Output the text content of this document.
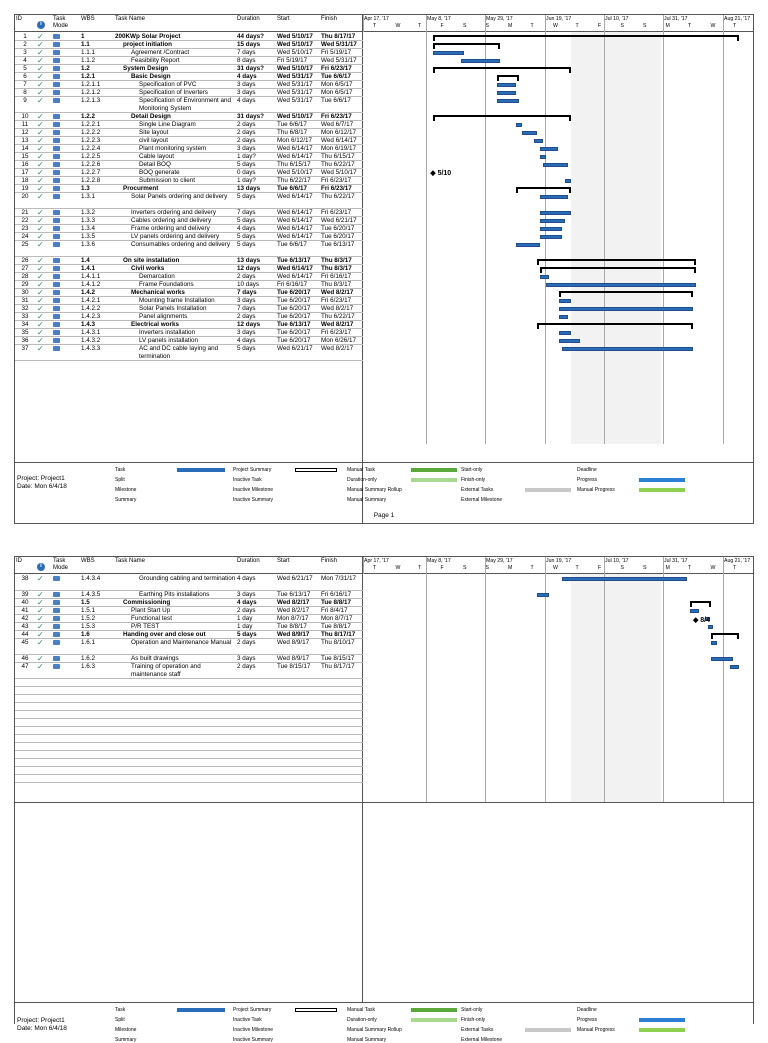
ID
i
Task Mode
WBS	Task Name	Duration	Start	Finish
1	✓	1	200KWp Solar Project	44 days?	Wed 5/10/17	Thu 8/17/17
2	✓	1.1	project initiation	15 days	Wed 5/10/17	Wed 5/31/17
3	✓	1.1.1	Agreement /Contract	7 days	Wed 5/10/17	Fri 5/19/17
4	✓	1.1.2	Feasibility Report	8 days	Fri 5/19/17	Wed 5/31/17
5	✓	1.2	System Design	31 days?	Wed 5/10/17	Fri 6/23/17
6	✓	1.2.1	Basic Design	4 days	Wed 5/31/17	Tue 6/6/17
7	✓	1.2.1.1	Specification of PVC	3 days	Wed 5/31/17	Mon 6/5/17
8	✓	1.2.1.2	Specification of Inverters	3 days	Wed 5/31/17	Mon 6/5/17
9	✓	1.2.1.3	Specification of Environment and Monitoring System
4 days	Wed 5/31/17	Tue 6/6/17
10	✓	1.2.2	Detail Design	31 days?	Wed 5/10/17	Fri 6/23/17
11	✓	1.2.2.1	Single Line Diagram	2 days	Tue 6/6/17	Wed 6/7/17
12	✓	1.2.2.2	Site layout	2 days	Thu 6/8/17	Mon 6/12/17
13	✓	1.2.2.3	civil layout	2 days	Mon 6/12/17	Wed 6/14/17
14	✓	1.2.2.4	Plant monitoring system	3 days	Wed 6/14/17	Mon 6/19/17
15	✓	1.2.2.5	Cable layout	1 day?	Wed 6/14/17	Thu 6/15/17
16	✓	1.2.2.6	Detail BOQ	5 days	Thu 6/15/17	Thu 6/22/17
17	✓	1.2.2.7	BOQ generate	0 days	Wed 5/10/17	Wed 5/10/17
18	✓	1.2.2.8	Submission to client	1 day?	Thu 6/22/17	Fri 6/23/17
19	✓	1.3	Procurment	13 days	Tue 6/6/17	Fri 6/23/17
20	✓	1.3.1	Solar Panels ordering and delivery	5 days	Wed 6/14/17	Thu 6/22/17
21	✓	1.3.2	Inverters ordering and delivery	7 days	Wed 6/14/17	Fri 6/23/17
22	✓	1.3.3	Cables ordering and delivery	5 days	Wed 6/14/17	Wed 6/21/17
23	✓	1.3.4	Frame ordering and delivery	4 days	Wed 6/14/17	Tue 6/20/17
24	✓	1.3.5	LV panels ordering and delivery	5 days	Wed 6/14/17	Tue 6/20/17
25	✓	1.3.6	Consumables ordering and delivery	5 days	Tue 6/6/17	Tue 6/13/17
26	✓	1.4	On site installation	13 days	Tue 6/13/17	Thu 8/3/17
27	✓	1.4.1	Civil works	12 days	Wed 6/14/17	Thu 8/3/17
28	✓	1.4.1.1	Demarcation	2 days	Wed 6/14/17	Fri 6/16/17
29	✓	1.4.1.2	Frame Foundations	10 days	Fri 6/16/17	Thu 8/3/17
30	✓	1.4.2	Mechanical works	7 days	Tue 6/20/17	Wed 8/2/17
31	✓	1.4.2.1	Mounting frame Installation	3 days	Tue 6/20/17	Fri 6/23/17
32	✓	1.4.2.2	Solar Panels Installation	7 days	Tue 6/20/17	Wed 8/2/17
33	✓	1.4.2.3	Panel alignments	2 days	Tue 6/20/17	Thu 6/22/17
34	✓	1.4.3	Electrical works	12 days	Tue 6/13/17	Wed 8/2/17
35	✓	1.4.3.1	Inverters installation	3 days	Tue 6/20/17	Fri 6/23/17
36	✓	1.4.3.2	LV panels installation	4 days	Tue 6/20/17	Mon 6/26/17
37	✓	1.4.3.3	AC and DC cable laying and termination
5 days	Wed 6/21/17	Wed 8/2/17
Apr 17, '17	May 8, '17	May 29, '17	Jun 19, '17	Jul 10, '17	Jul 31, '17	Aug 21, '17
T	W	T	F	S	S	M	T	W	T	F	S	S	M	T	W	T
◆ 5/10
Task
Split
Milestone
Summary
Project Summary
Inactive Task
Inactive Milestone
Inactive Summary
Manual Task
Duration-only
Manual Summary Rollup
Manual Summary
Start-only
Finish-only
External Tasks
External Milestone
Deadline
Progress
Manual Progress
Project: Project1
Date: Mon 6/4/18
Page 1
ID
i
Task Mode
WBS	Task Name	Duration	Start	Finish
38	✓	1.4.3.4	Grounding cabling and termination 4 days	Wed 6/21/17	Mon 7/31/17
39	✓	1.4.3.5	Earthing Pits installations	3 days	Tue 6/13/17	Fri 6/16/17
40	✓	1.5	Commissioning	4 days	Wed 8/2/17	Tue 8/8/17
41	✓	1.5.1	Plant Start Up	2 days	Wed 8/2/17	Fri 8/4/17
42	✓	1.5.2	Functional test	1 day	Mon 8/7/17	Mon 8/7/17
43	✓	1.5.3	P/R TEST	1 day	Tue 8/8/17	Tue 8/8/17
44	✓	1.6	Handing over and close out	5 days	Wed 8/9/17	Thu 8/17/17
45	✓	1.6.1	Operation and Maintenance Manual 2 days	Wed 8/9/17	Thu 8/10/17
46	✓	1.6.2	As built drawings	3 days	Wed 8/9/17	Tue 8/15/17
47	✓	1.6.3	Training of operation and maintenance staff
2 days	Tue 8/15/17	Thu 8/17/17
Apr 17, '17	May 8, '17	May 29, '17	Jun 19, '17	Jul 10, '17	Jul 31, '17	Aug 21, '17
T	W	T	F	S	S	M	T	W	T	F	S	S	M	T	W	T
◆ 8/4
Task
Split
Milestone
Summary
Project Summary
Inactive Task
Inactive Milestone
Inactive Summary
Manual Task
Duration-only
Manual Summary Rollup
Manual Summary
Start-only
Finish-only
External Tasks
External Milestone
Deadline
Progress
Manual Progress
Project: Project1
Date: Mon 6/4/18
